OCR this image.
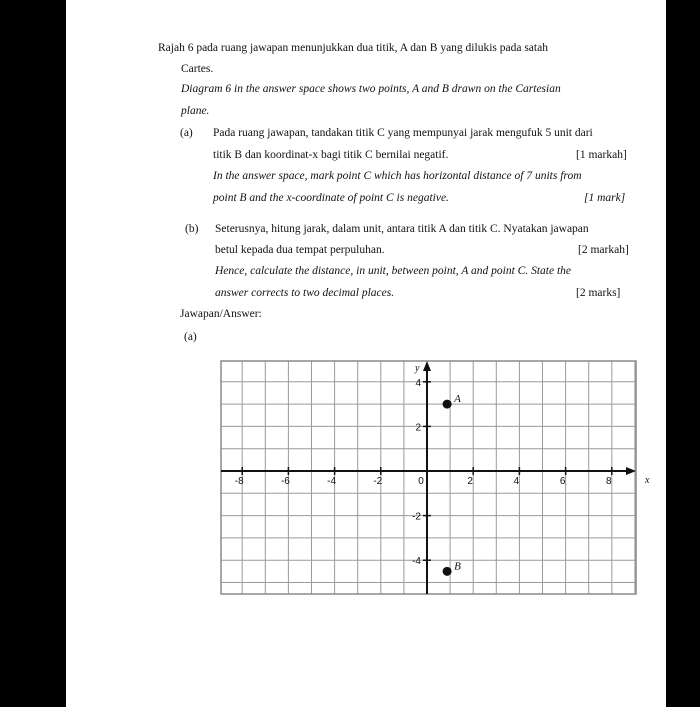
Rajah 6 pada ruang jawapan menunjukkan dua titik, A dan B yang dilukis pada satah
Cartes.
Diagram 6 in the answer space shows two points, A and B drawn on the Cartesian
plane.
(a) Pada ruang jawapan, tandakan titik C yang mempunyai jarak mengufuk 5 unit dari
titik B dan koordinat-x bagi titik C bernilai negatif.	[1 markah]
In the answer space, mark point C which has horizontal distance of 7 units from
point B and the x-coordinate of point C is negative.	[1 mark]
(b) Seterusnya, hitung jarak, dalam unit, antara titik A dan titik C. Nyatakan jawapan
betul kepada dua tempat perpuluhan.	[2 markah]
Hence, calculate the distance, in unit, between point, A and point C. State the
answer corrects to two decimal places.	[2 marks]
Jawapan/Answer:
(a)
x
y
-8	-6	-4	-2	0	2	4	6	8
-4
-2
2
4
A
B
